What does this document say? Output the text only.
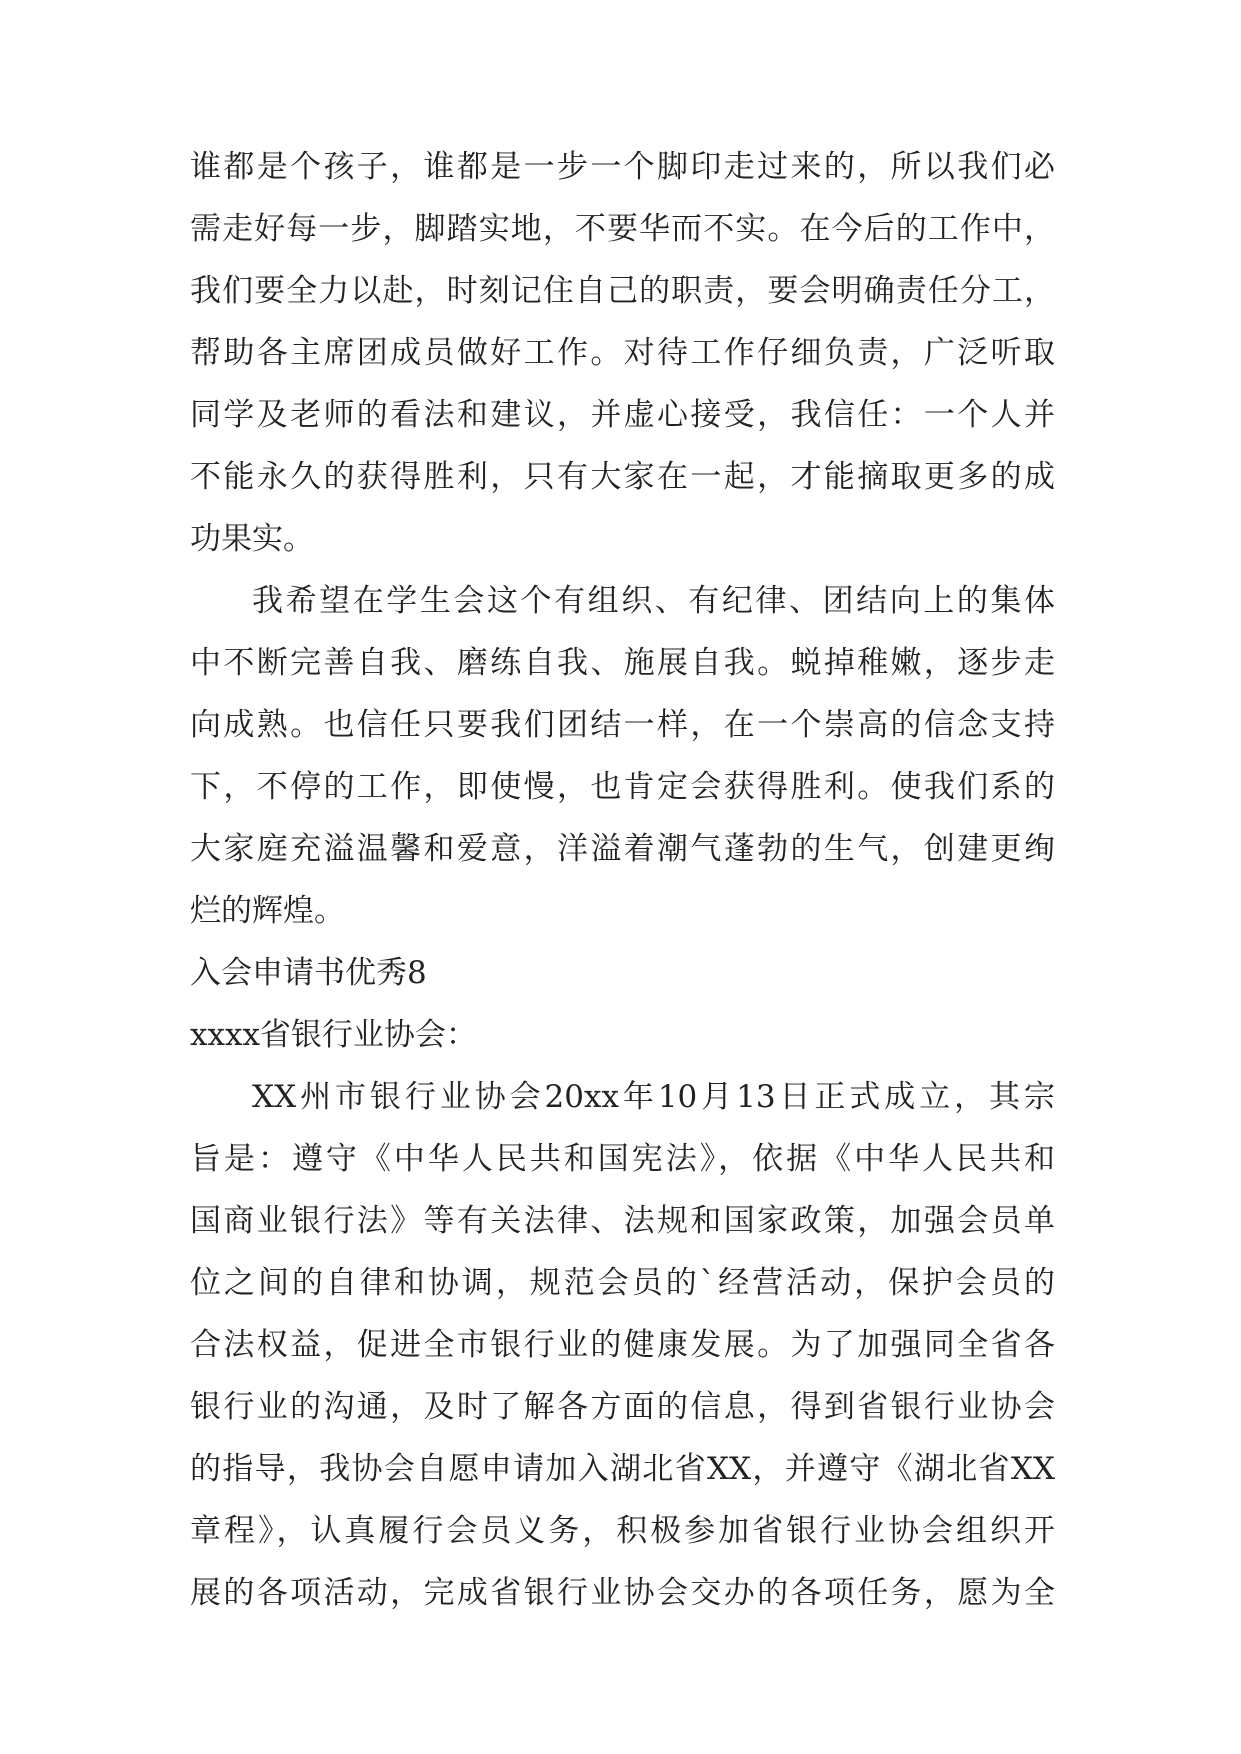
谁都是个孩子，谁都是一步一个脚印走过来的，所以我们必
需走好每一步，脚踏实地，不要华而不实。在今后的工作中，
我们要全力以赴，时刻记住自己的职责，要会明确责任分工，
帮助各主席团成员做好工作。对待工作仔细负责，广泛听取
同学及老师的看法和建议，并虚心接受，我信任：一个人并
不能永久的获得胜利，只有大家在一起，才能摘取更多的成
功果实。
我希望在学生会这个有组织、有纪律、团结向上的集体
中不断完善自我、磨练自我、施展自我。蜕掉稚嫩，逐步走
向成熟。也信任只要我们团结一样，在一个崇高的信念支持
下，不停的工作，即使慢，也肯定会获得胜利。使我们系的
大家庭充溢温馨和爱意，洋溢着潮气蓬勃的生气，创建更绚
烂的辉煌。
入会申请书优秀8
xxxx省银行业协会：
XX州市银行业协会20xx年10月13日正式成立，其宗
旨是：遵守《中华人民共和国宪法》，依据《中华人民共和
国商业银行法》等有关法律、法规和国家政策，加强会员单
位之间的自律和协调，规范会员的`经营活动，保护会员的
合法权益，促进全市银行业的健康发展。为了加强同全省各
银行业的沟通，及时了解各方面的信息，得到省银行业协会
的指导，我协会自愿申请加入湖北省XX，并遵守《湖北省XX
章程》，认真履行会员义务，积极参加省银行业协会组织开
展的各项活动，完成省银行业协会交办的各项任务，愿为全
